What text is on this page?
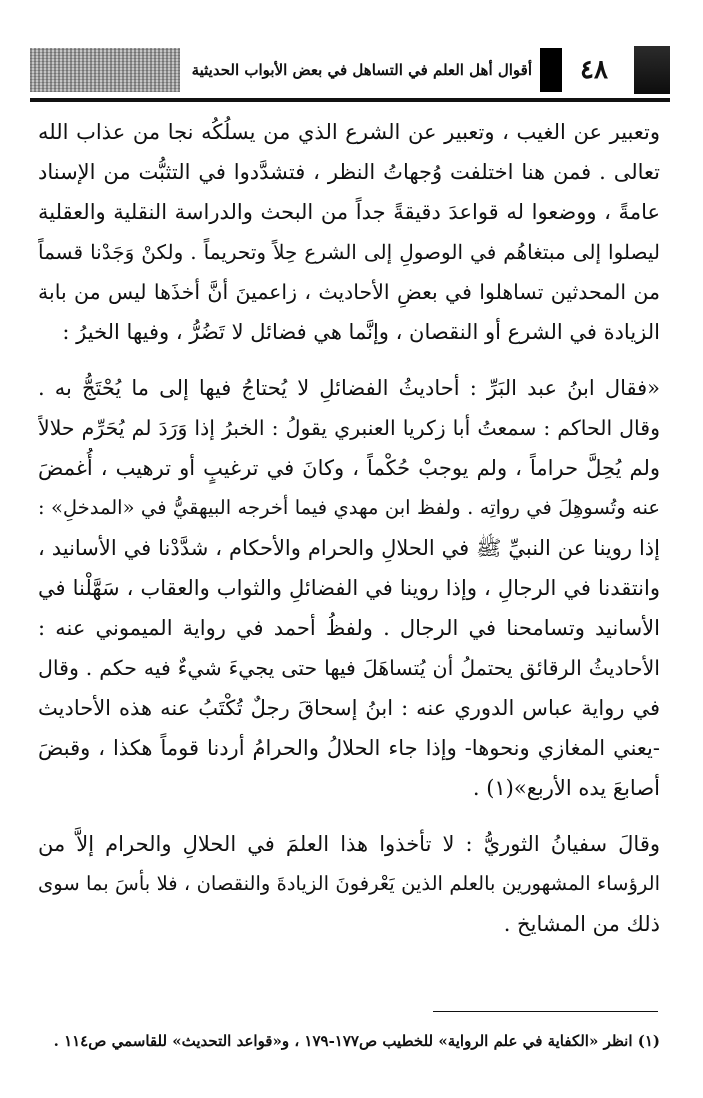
٤٨
أقوال أهل العلم في التساهل في بعض الأبواب الحديثية
وتعبير عن الغيب ، وتعبير عن الشرع الذي من يسلُكُه نجا من عذاب الله
تعالى . فمن هنا اختلفت وُجهاتُ النظر ، فتشدَّدوا في التثبُّت من الإسناد
عامةً ، ووضعوا له قواعدَ دقيقةً جداً من البحث والدراسة النقلية والعقلية
ليصلوا إلى مبتغاهُم في الوصولِ إلى الشرع حِلاً وتحريماً . ولكنْ وَجَدْنا قسماً
من المحدثين تساهلوا في بعضِ الأحاديث ، زاعمينَ أنَّ أخذَها ليس من بابة
الزيادة في الشرع أو النقصان ، وإنَّما هي فضائل لا تَضُرُّ ، وفيها الخيرُ :
«فقال ابنُ عبد البَرِّ : أحاديثُ الفضائلِ لا يُحتاجُ فيها إلى ما يُحْتَجُّ به .
وقال الحاكم : سمعتُ أبا زكريا العنبري يقولُ : الخبرُ إذا وَرَدَ لم يُحَرِّم حلالاً
ولم يُحِلَّ حراماً ، ولم يوجبْ حُكْماً ، وكانَ في ترغيبٍ أو ترهيب ، أُغمضَ
عنه وتُسوهِلَ في رواتِه . ولفظ ابن مهدي فيما أخرجه البيهقيُّ في «المدخلِ» :
إذا روينا عن النبيِّ ﷺ في الحلالِ والحرام والأحكام ، شدَّدْنا في الأسانيد ،
وانتقدنا في الرجالِ ، وإذا روينا في الفضائلِ والثواب والعقاب ، سَهَّلْنا في
الأسانيد وتسامحنا في الرجال . ولفظُ أحمد في رواية الميموني عنه :
الأحاديثُ الرقائق يحتملُ أن يُتساهَلَ فيها حتى يجيءَ شيءٌ فيه حكم . وقال
في رواية عباس الدوري عنه : ابنُ إسحاقَ رجلٌ تُكْتَبُ عنه هذه الأحاديث
-يعني المغازي ونحوها- وإذا جاء الحلالُ والحرامُ أردنا قوماً هكذا ، وقبضَ
أصابعَ يده الأربع»(١) .
وقالَ سفيانُ الثوريُّ : لا تأخذوا هذا العلمَ في الحلالِ والحرام إلاَّ من
الرؤساء المشهورين بالعلم الذين يَعْرفونَ الزيادةَ والنقصان ، فلا بأسَ بما سوى
ذلك من المشايخ .
(١) انظر «الكفاية في علم الرواية» للخطيب ص١٧٧-١٧٩ ، و«قواعد التحديث» للقاسمي ص١١٤ .
